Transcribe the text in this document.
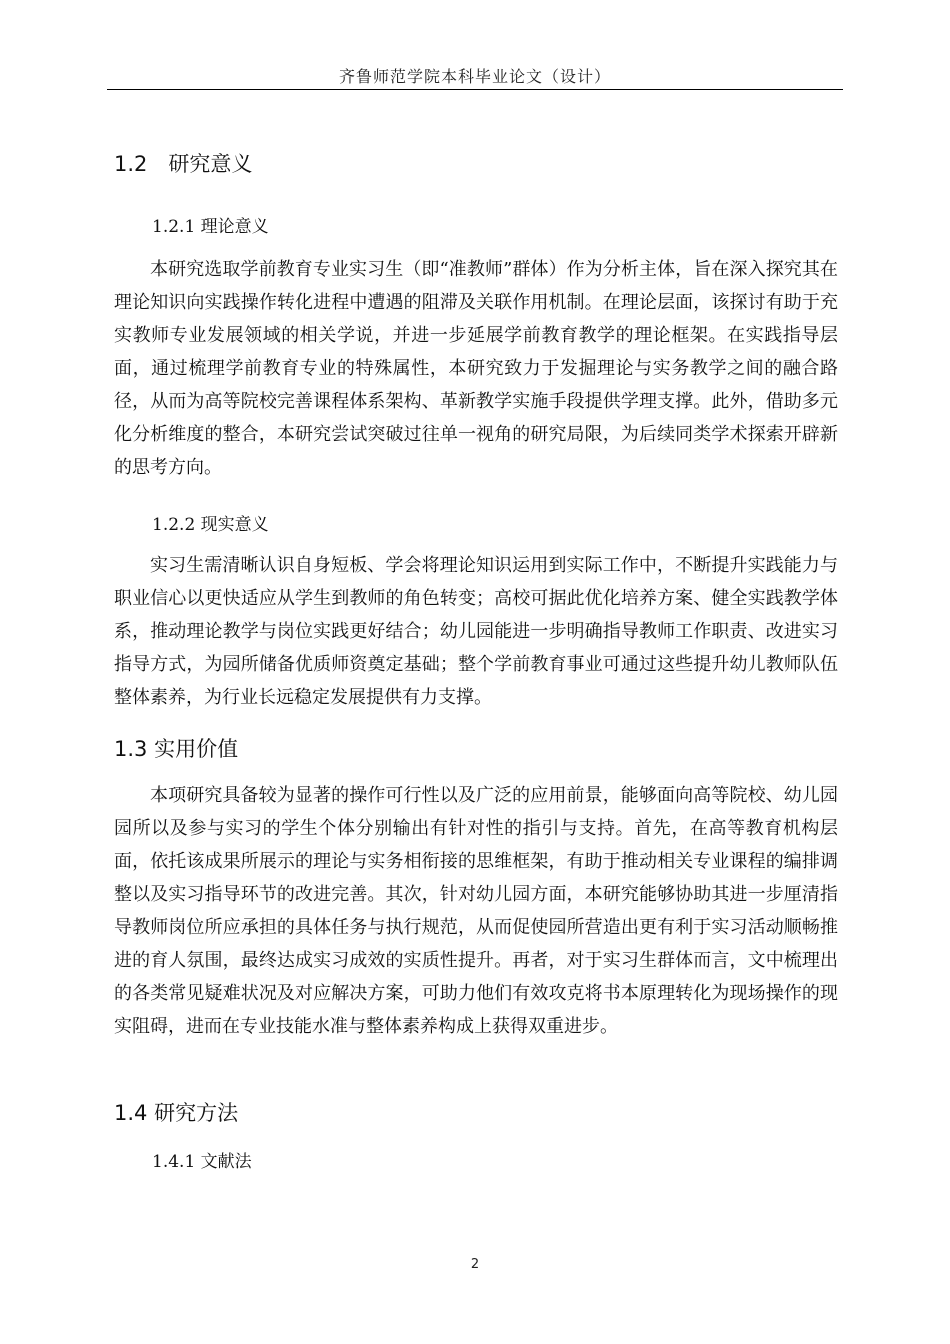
齐鲁师范学院本科毕业论文（设计）
1.2　研究意义
1.2.1 理论意义
本研究选取学前教育专业实习生（即“准教师”群体）作为分析主体，旨在深入探究其在理论知识向实践操作转化进程中遭遇的阻滞及关联作用机制。在理论层面，该探讨有助于充实教师专业发展领域的相关学说，并进一步延展学前教育教学的理论框架。在实践指导层面，通过梳理学前教育专业的特殊属性，本研究致力于发掘理论与实务教学之间的融合路径，从而为高等院校完善课程体系架构、革新教学实施手段提供学理支撑。此外，借助多元化分析维度的整合，本研究尝试突破过往单一视角的研究局限，为后续同类学术探索开辟新的思考方向。
1.2.2 现实意义
实习生需清晰认识自身短板、学会将理论知识运用到实际工作中，不断提升实践能力与职业信心以更快适应从学生到教师的角色转变；高校可据此优化培养方案、健全实践教学体系，推动理论教学与岗位实践更好结合；幼儿园能进一步明确指导教师工作职责、改进实习指导方式，为园所储备优质师资奠定基础；整个学前教育事业可通过这些提升幼儿教师队伍整体素养，为行业长远稳定发展提供有力支撑。
1.3 实用价值
本项研究具备较为显著的操作可行性以及广泛的应用前景，能够面向高等院校、幼儿园园所以及参与实习的学生个体分别输出有针对性的指引与支持。首先，在高等教育机构层面，依托该成果所展示的理论与实务相衔接的思维框架，有助于推动相关专业课程的编排调整以及实习指导环节的改进完善。其次，针对幼儿园方面，本研究能够协助其进一步厘清指导教师岗位所应承担的具体任务与执行规范，从而促使园所营造出更有利于实习活动顺畅推进的育人氛围，最终达成实习成效的实质性提升。再者，对于实习生群体而言，文中梳理出的各类常见疑难状况及对应解决方案，可助力他们有效攻克将书本原理转化为现场操作的现实阻碍，进而在专业技能水准与整体素养构成上获得双重进步。
1.4 研究方法
1.4.1 文献法
2
